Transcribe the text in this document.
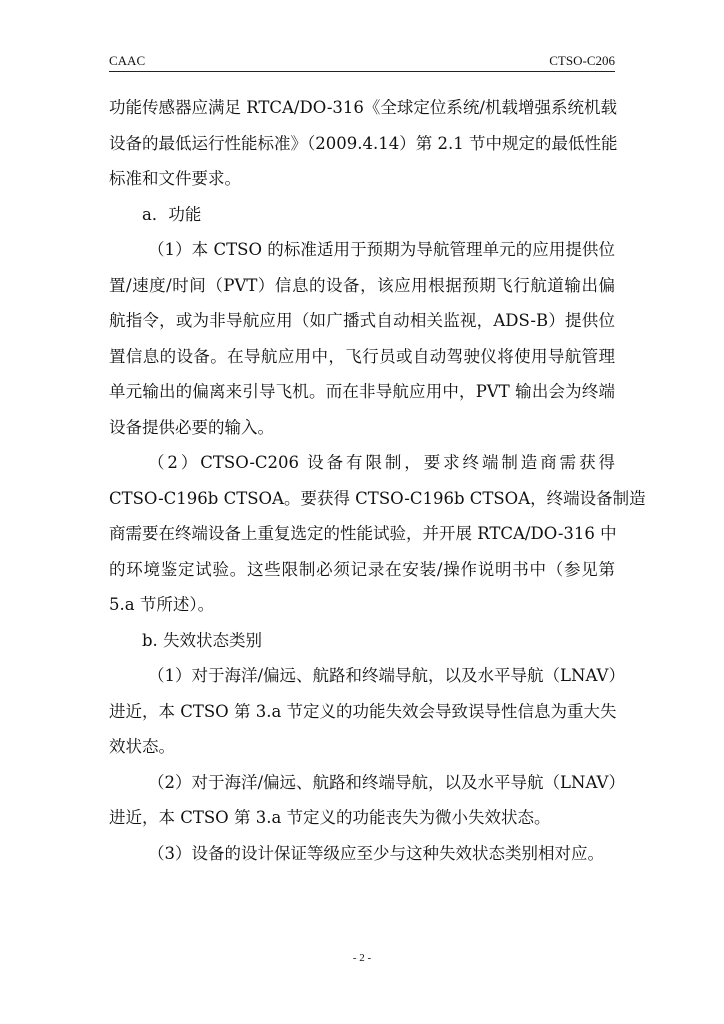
CAAC	CTSO-C206
功能传感器应满足 RTCA/DO-316《全球定位系统/机载增强系统机载
设备的最低运行性能标准》（2009.4.14）第 2.1 节中规定的最低性能
标准和文件要求。
a．功能
（1）本 CTSO 的标准适用于预期为导航管理单元的应用提供位
置/速度/时间（PVT）信息的设备，该应用根据预期飞行航道输出偏
航指令，或为非导航应用（如广播式自动相关监视，ADS-B）提供位
置信息的设备。在导航应用中，飞行员或自动驾驶仪将使用导航管理
单元输出的偏离来引导飞机。而在非导航应用中，PVT 输出会为终端
设备提供必要的输入。
（2）CTSO-C206 设备有限制，要求终端制造商需获得
CTSO-C196b CTSOA。要获得 CTSO-C196b CTSOA，终端设备制造
商需要在终端设备上重复选定的性能试验，并开展 RTCA/DO-316 中
的环境鉴定试验。这些限制必须记录在安装/操作说明书中（参见第
5.a 节所述）。
b. 失效状态类别
（1）对于海洋/偏远、航路和终端导航，以及水平导航（LNAV）
进近，本 CTSO 第 3.a 节定义的功能失效会导致误导性信息为重大失
效状态。
（2）对于海洋/偏远、航路和终端导航，以及水平导航（LNAV）
进近，本 CTSO 第 3.a 节定义的功能丧失为微小失效状态。
（3）设备的设计保证等级应至少与这种失效状态类别相对应。
- 2 -
